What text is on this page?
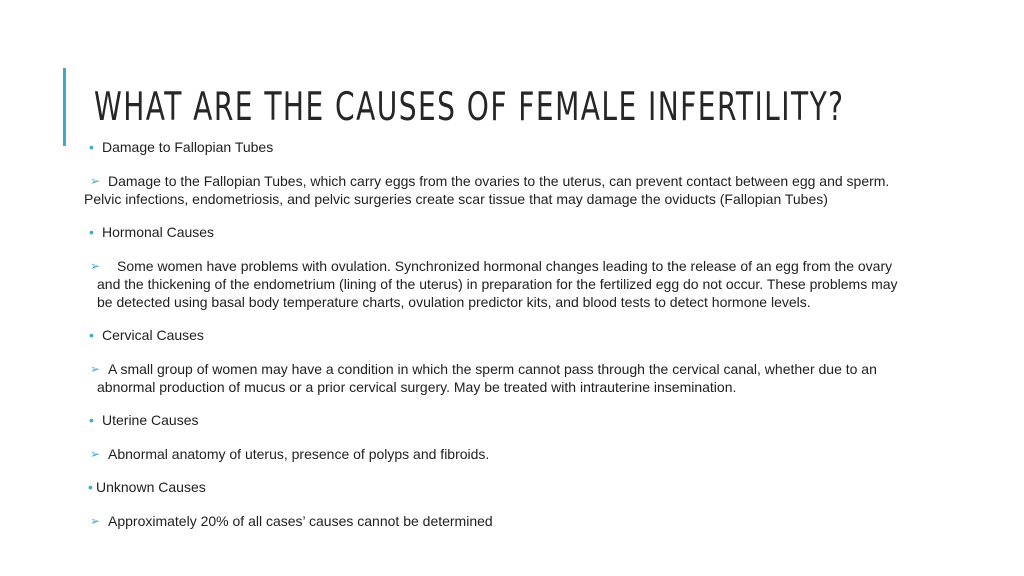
WHAT ARE THE CAUSES OF FEMALE INFERTILITY?
• Damage to Fallopian Tubes
➢ Damage to the Fallopian Tubes, which carry eggs from the ovaries to the uterus, can prevent contact between egg and sperm. Pelvic infections, endometriosis, and pelvic surgeries create scar tissue that may damage the oviducts (Fallopian Tubes)
• Hormonal Causes
➢	Some women have problems with ovulation. Synchronized hormonal changes leading to the release of an egg from the ovary and the thickening of the endometrium (lining of the uterus) in preparation for the fertilized egg do not occur. These problems may be detected using basal body temperature charts, ovulation predictor kits, and blood tests to detect hormone levels.
• Cervical Causes
➢ A small group of women may have a condition in which the sperm cannot pass through the cervical canal, whether due to an abnormal production of mucus or a prior cervical surgery. May be treated with intrauterine insemination.
• Uterine Causes
➢ Abnormal anatomy of uterus, presence of polyps and fibroids.
• Unknown Causes
➢ Approximately 20% of all cases’ causes cannot be determined
